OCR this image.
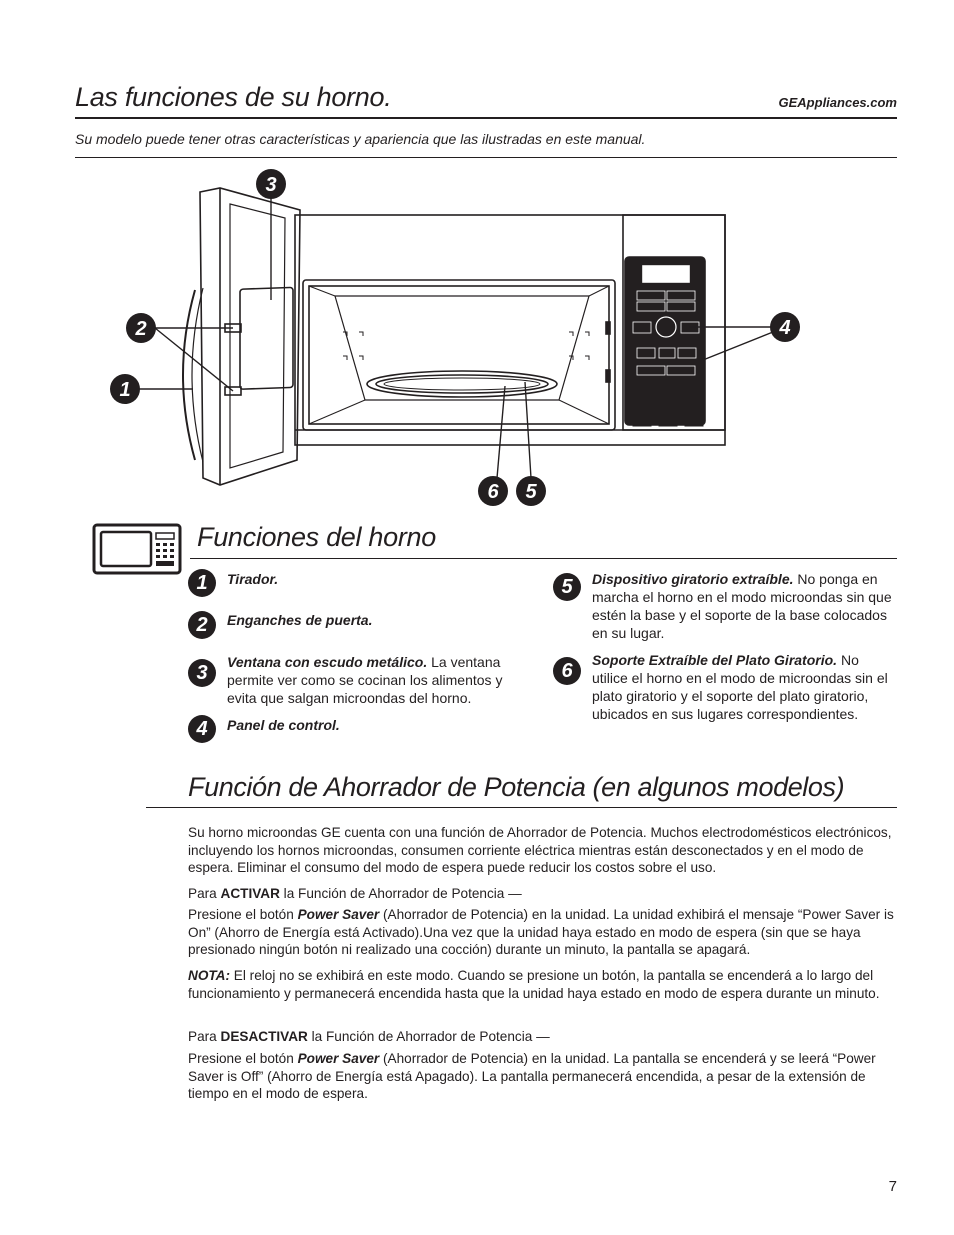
Las funciones de su horno.	GEAppliances.com
Su modelo puede tener otras características y apariencia que las ilustradas en este manual.
3
2
1
4
6 5
Funciones del horno
1	Tirador.
2	Enganches de puerta.
3	Ventana con escudo metálico. La ventana permite ver como se cocinan los alimentos y evita que salgan microondas del horno.
4	Panel de control.
5	Dispositivo giratorio extraíble. No ponga en marcha el horno en el modo microondas sin que estén la base y el soporte de la base colocados en su lugar.
6	Soporte Extraíble del Plato Giratorio. No utilice el horno en el modo de microondas sin el plato giratorio y el soporte del plato giratorio, ubicados en sus lugares correspondientes.
Función de Ahorrador de Potencia (en algunos modelos)
Su horno microondas GE cuenta con una función de Ahorrador de Potencia. Muchos electrodomésticos electrónicos, incluyendo los hornos microondas, consumen corriente eléctrica mientras están desconectados y en el modo de espera. Eliminar el consumo del modo de espera puede reducir los costos sobre el uso.
Para ACTIVAR la Función de Ahorrador de Potencia —
Presione el botón Power Saver (Ahorrador de Potencia) en la unidad. La unidad exhibirá el mensaje “Power Saver is On” (Ahorro de Energía está Activado).Una vez que la unidad haya estado en modo de espera (sin que se haya presionado ningún botón ni realizado una cocción) durante un minuto, la pantalla se apagará.
NOTA: El reloj no se exhibirá en este modo. Cuando se presione un botón, la pantalla se encenderá a lo largo del funcionamiento y permanecerá encendida hasta que la unidad haya estado en modo de espera durante un minuto.
Para DESACTIVAR la Función de Ahorrador de Potencia —
Presione el botón Power Saver (Ahorrador de Potencia) en la unidad. La pantalla se encenderá y se leerá “Power Saver is Off” (Ahorro de Energía está Apagado). La pantalla permanecerá encendida, a pesar de la extensión de tiempo en el modo de espera.
7
